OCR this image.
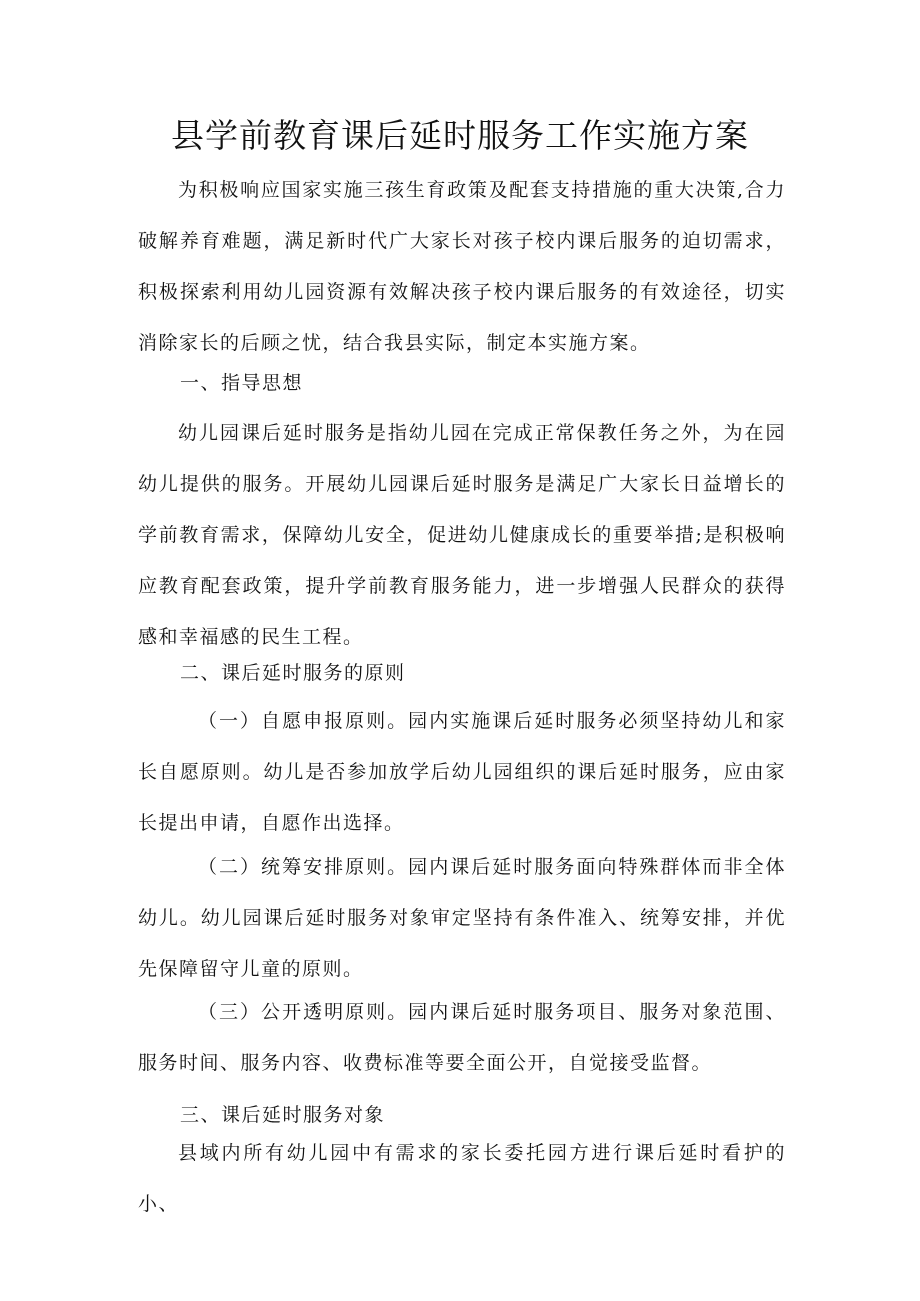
县学前教育课后延时服务工作实施方案

为积极响应国家实施三孩生育政策及配套支持措施的重大决策,合力破解养育难题，满足新时代广大家长对孩子校内课后服务的迫切需求，积极探索利用幼儿园资源有效解决孩子校内课后服务的有效途径，切实消除家长的后顾之忧，结合我县实际，制定本实施方案。

一、指导思想

幼儿园课后延时服务是指幼儿园在完成正常保教任务之外，为在园幼儿提供的服务。开展幼儿园课后延时服务是满足广大家长日益增长的学前教育需求，保障幼儿安全，促进幼儿健康成长的重要举措;是积极响应教育配套政策，提升学前教育服务能力，进一步增强人民群众的获得感和幸福感的民生工程。

二、课后延时服务的原则

（一）自愿申报原则。园内实施课后延时服务必须坚持幼儿和家长自愿原则。幼儿是否参加放学后幼儿园组织的课后延时服务，应由家长提出申请，自愿作出选择。

（二）统筹安排原则。园内课后延时服务面向特殊群体而非全体幼儿。幼儿园课后延时服务对象审定坚持有条件准入、统筹安排，并优先保障留守儿童的原则。

（三）公开透明原则。园内课后延时服务项目、服务对象范围、服务时间、服务内容、收费标准等要全面公开，自觉接受监督。

三、课后延时服务对象

县域内所有幼儿园中有需求的家长委托园方进行课后延时看护的小、
